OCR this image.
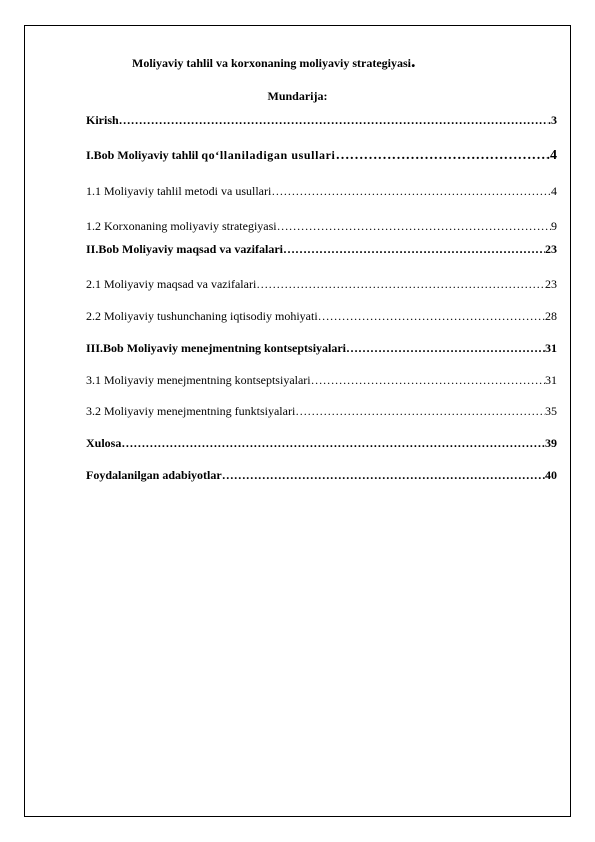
Moliyaviy tahlil va korxonaning moliyaviy strategiyasi.
Mundarija:
Kirish ………………………………………………………………………………………………………………………………………………	.3
I.Bob Moliyaviy tahlil qo‘llaniladigan usullari ………………………………………………………………………………………………………………………………………………	.4
1.1 Moliyaviy tahlil metodi va usullari ………………………………………………………………………………………………………………………………………………	4
1.2 Korxonaning moliyaviy strategiyasi ………………………………………………………………………………………………………………………………………………	9
II.Bob Moliyaviy maqsad va vazifalari ………………………………………………………………………………………………………………………………………………	23
2.1 Moliyaviy maqsad va vazifalari ………………………………………………………………………………………………………………………………………………	23
2.2 Moliyaviy tushunchaning iqtisodiy mohiyati ………………………………………………………………………………………………………………………………………………	28
III.Bob Moliyaviy menejmentning kontseptsiyalari ………………………………………………………………………………………………………………………………………………	31
3.1 Moliyaviy menejmentning kontseptsiyalari ………………………………………………………………………………………………………………………………………………	31
3.2 Moliyaviy menejmentning funktsiyalari ………………………………………………………………………………………………………………………………………………	35
Xulosa ………………………………………………………………………………………………………………………………………………	39
Foydalanilgan adabiyotlar ………………………………………………………………………………………………………………………………………………	40
